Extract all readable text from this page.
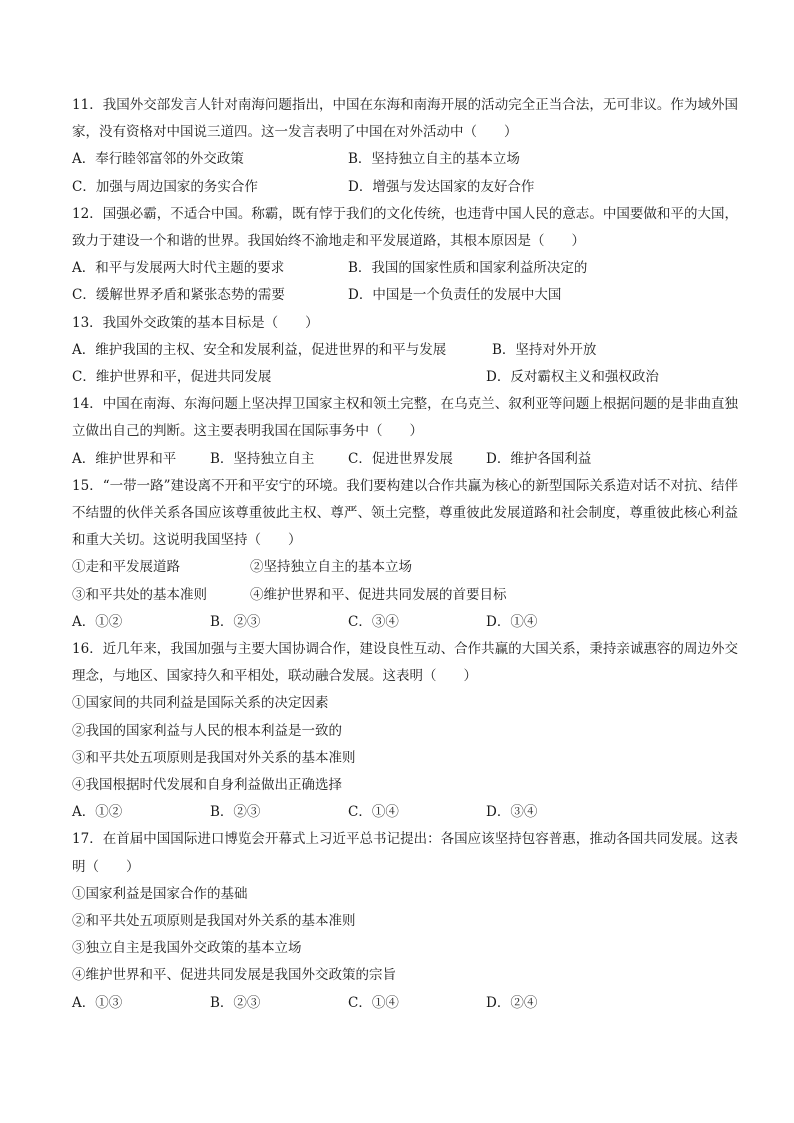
11．我国外交部发言人针对南海问题指出，中国在东海和南海开展的活动完全正当合法，无可非议。作为域外国家，没有资格对中国说三道四。这一发言表明了中国在对外活动中（　　）

A．奉行睦邻富邻的外交政策	B．坚持独立自主的基本立场
C．加强与周边国家的务实合作	D．增强与发达国家的友好合作

12．国强必霸，不适合中国。称霸，既有悖于我们的文化传统，也违背中国人民的意志。中国要做和平的大国，致力于建设一个和谐的世界。我国始终不渝地走和平发展道路，其根本原因是（　　）

A．和平与发展两大时代主题的要求	B．我国的国家性质和国家利益所决定的
C．缓解世界矛盾和紧张态势的需要	D．中国是一个负责任的发展中大国

13．我国外交政策的基本目标是（　　）

A．维护我国的主权、安全和发展利益，促进世界的和平与发展	B．坚持对外开放
C．维护世界和平，促进共同发展	D．反对霸权主义和强权政治

14．中国在南海、东海问题上坚决捍卫国家主权和领土完整，在乌克兰、叙利亚等问题上根据问题的是非曲直独立做出自己的判断。这主要表明我国在国际事务中（　　）

A．维护世界和平	B．坚持独立自主 C．促进世界发展 D．维护各国利益

15．“一带一路”建设离不开和平安宁的环境。我们要构建以合作共赢为核心的新型国际关系造对话不对抗、结伴不结盟的伙伴关系各国应该尊重彼此主权、尊严、领土完整，尊重彼此发展道路和社会制度，尊重彼此核心利益和重大关切。这说明我国坚持（　　）

①走和平发展道路	②坚持独立自主的基本立场
③和平共处的基本准则	④维护世界和平、促进共同发展的首要目标
A．①②	B．②③	C．③④	D．①④

16．近几年来，我国加强与主要大国协调合作，建设良性互动、合作共赢的大国关系，秉持亲诚惠容的周边外交理念，与地区、国家持久和平相处，联动融合发展。这表明（　　）

①国家间的共同利益是国际关系的决定因素

②我国的国家利益与人民的根本利益是一致的

③和平共处五项原则是我国对外关系的基本准则

④我国根据时代发展和自身利益做出正确选择

A．①②	B．②③	C．①④	D．③④

17．在首届中国国际进口博览会开幕式上习近平总书记提出：各国应该坚持包容普惠，推动各国共同发展。这表明（　　）

①国家利益是国家合作的基础

②和平共处五项原则是我国对外关系的基本准则

③独立自主是我国外交政策的基本立场

④维护世界和平、促进共同发展是我国外交政策的宗旨

A．①③	B．②③	C．①④	D．②④
